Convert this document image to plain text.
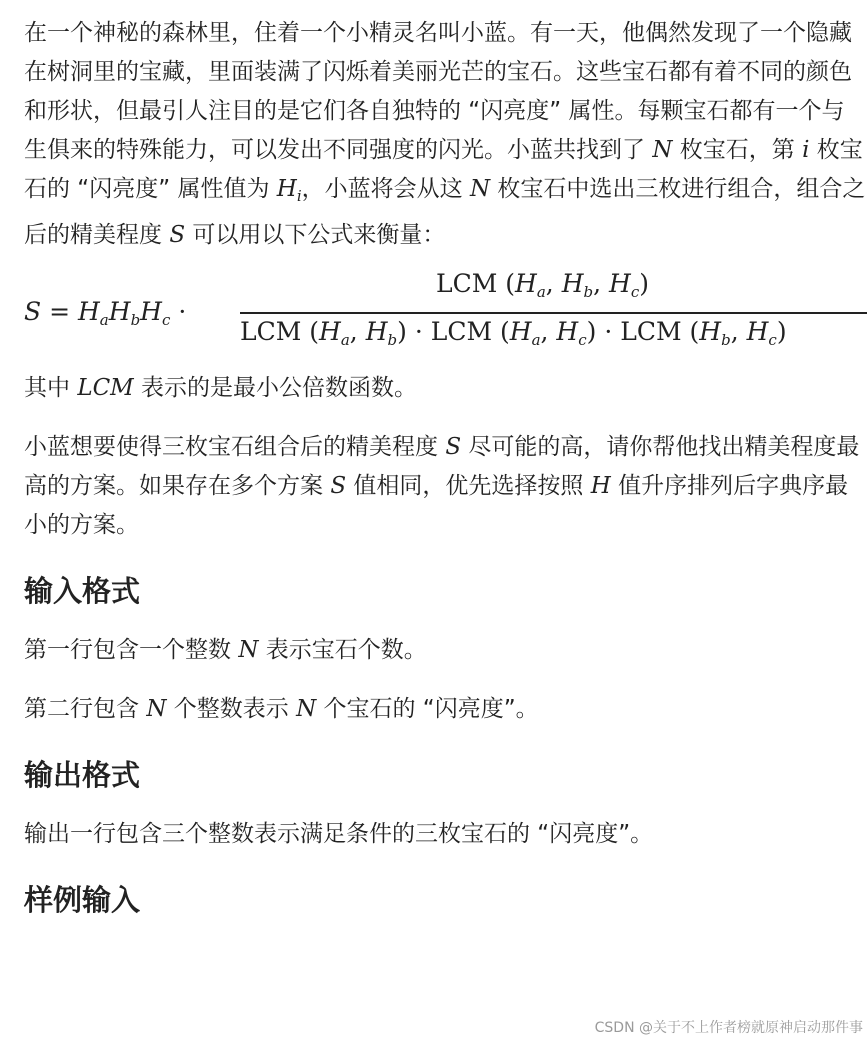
在一个神秘的森林里，住着一个小精灵名叫小蓝。有一天，他偶然发现了一个隐藏在树洞里的宝藏，里面装满了闪烁着美丽光芒的宝石。这些宝石都有着不同的颜色和形状，但最引人注目的是它们各自独特的 “闪亮度” 属性。每颗宝石都有一个与生俱来的特殊能力，可以发出不同强度的闪光。小蓝共找到了 N 枚宝石，第 i 枚宝石的 “闪亮度” 属性值为 $H_i$，小蓝将会从这 N 枚宝石中选出三枚进行组合，组合之后的精美程度 S 可以用以下公式来衡量：

$S = H_aH_bH_c$ ·
LCM ($H_a$, $H_b$, $H_c$)
LCM ($H_a$, $H_b$) · LCM ($H_a$, $H_c$) · LCM ($H_b$, $H_c$)

其中 LCM 表示的是最小公倍数函数。

小蓝想要使得三枚宝石组合后的精美程度 S 尽可能的高，请你帮他找出精美程度最高的方案。如果存在多个方案 S 值相同，优先选择按照 H 值升序排列后字典序最小的方案。

输入格式

第一行包含一个整数 N 表示宝石个数。

第二行包含 N 个整数表示 N 个宝石的 “闪亮度”。

输出格式

输出一行包含三个整数表示满足条件的三枚宝石的 “闪亮度”。

样例输入
CSDN @关于不上作者榜就原神启动那件事
